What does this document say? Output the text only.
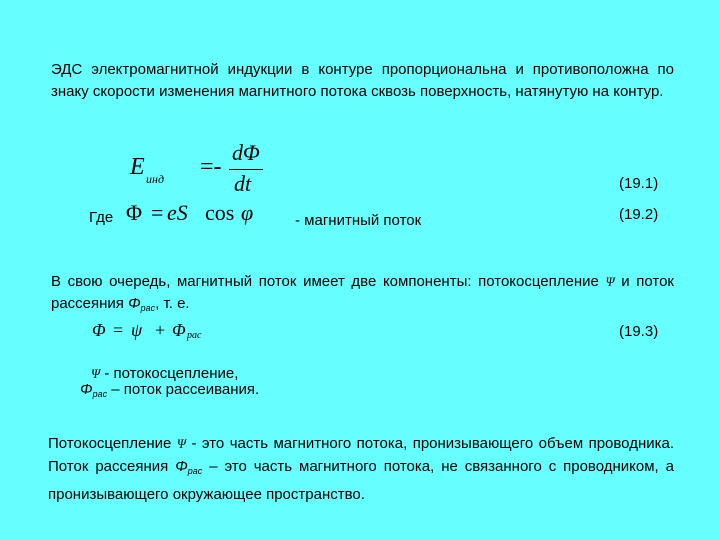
ЭДС электромагнитной индукции в контуре пропорциональна и противоположна по знаку скорости изменения магнитного потока сквозь поверхность, натянутую на контур.

E инд =-
dΦ
dt	(19.1)
Где Φ = eS cos φ	- магнитный поток	(19.2)

В свою очередь, магнитный поток имеет две компоненты: потокосцепление Ψ и поток рассеяния $\Phi_{рас}$, т. е.

Φ = ψ + Φ рас	(19.3)
Ψ - потокосцепление,
$\Phi_{рас}$ – поток рассеивания.

Потокосцепление Ψ - это часть магнитного потока, пронизывающего объем проводника. Поток рассеяния $\Phi_{рас}$ – это часть магнитного потока, не связанного с проводником, а пронизывающего окружающее пространство.
